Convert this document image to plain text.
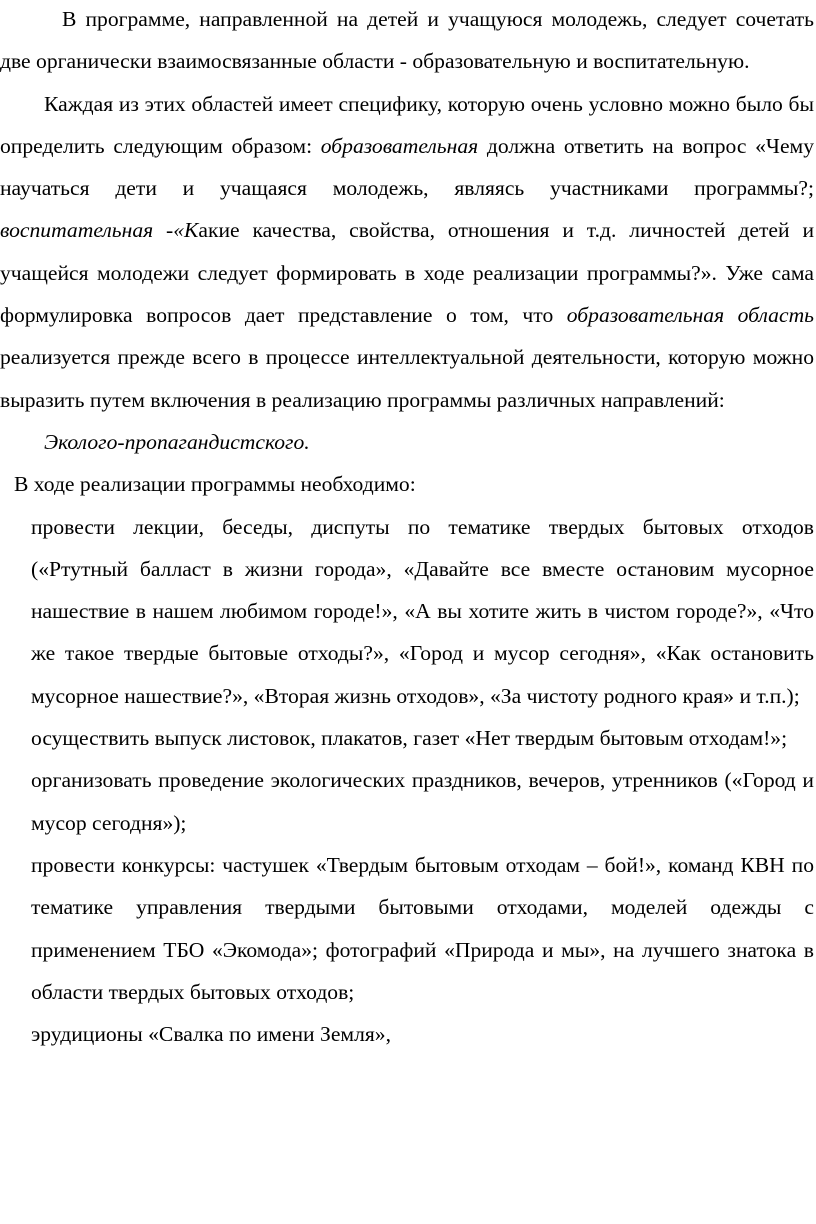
В программе, направленной на детей и учащуюся молодежь, следует сочетать две органически взаимосвязанные области - образовательную и воспитательную.

Каждая из этих областей имеет специфику, которую очень условно можно было бы определить следующим образом: образовательная должна ответить на вопрос «Чему научаться дети и учащаяся молодежь, являясь участниками программы?; воспитательная -«Какие качества, свойства, отношения и т.д. личностей детей и учащейся молодежи следует формировать в ходе реализации программы?». Уже сама формулировка вопросов дает представление о том, что образовательная область реализуется прежде всего в процессе интеллектуальной деятельности, которую можно выразить путем включения в реализацию программы различных направлений:

Эколого-пропагандистского.

В ходе реализации программы необходимо:

провести лекции, беседы, диспуты по тематике твердых бытовых отходов («Ртутный балласт в жизни города», «Давайте все вместе остановим мусорное нашествие в нашем любимом городе!», «А вы хотите жить в чистом городе?», «Что же такое твердые бытовые отходы?», «Город и мусор сегодня», «Как остановить мусорное нашествие?», «Вторая жизнь отходов», «За чистоту родного края» и т.п.);

осуществить выпуск листовок, плакатов, газет «Нет твердым бытовым отходам!»;

организовать проведение экологических праздников, вечеров, утренников («Город и мусор сегодня»);

провести конкурсы: частушек «Твердым бытовым отходам – бой!», команд КВН по тематике управления твердыми бытовыми отходами, моделей одежды с применением ТБО «Экомода»; фотографий «Природа и мы», на лучшего знатока в области твердых бытовых отходов;

эрудиционы «Свалка по имени Земля»,
